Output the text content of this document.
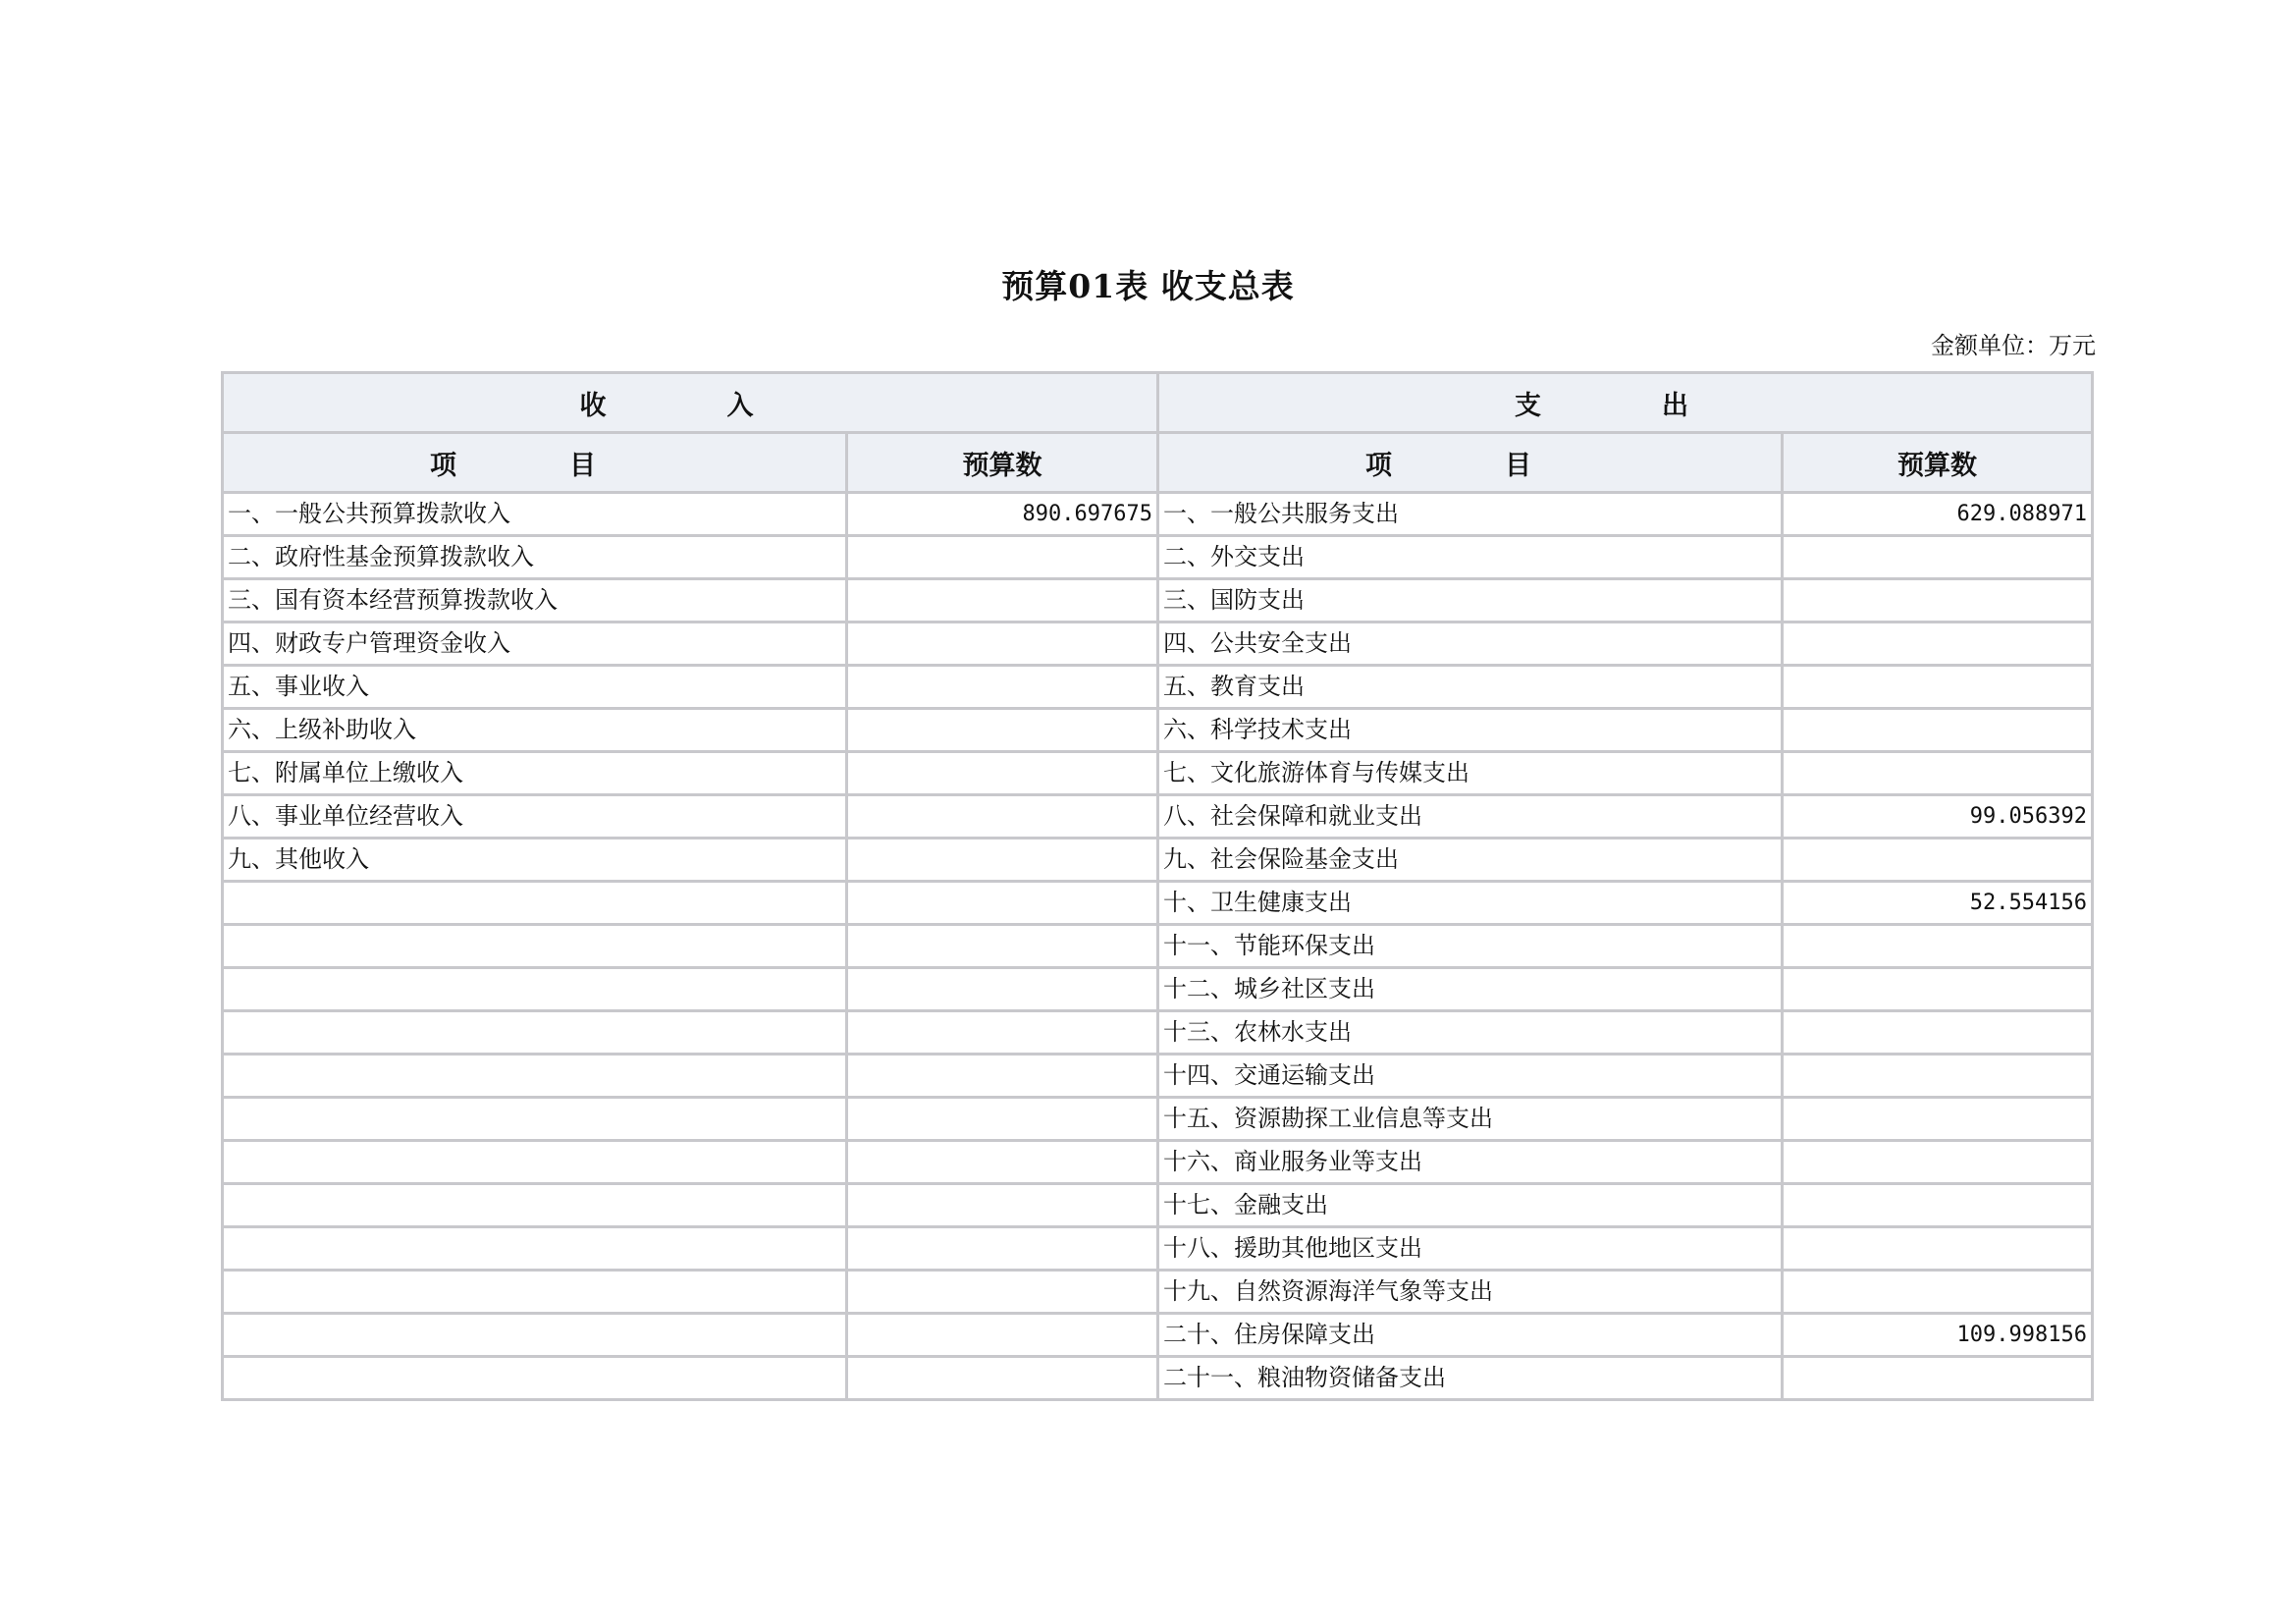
预算01表 收支总表
金额单位：万元
收　入		支　出	
项　目	预算数	项　目	预算数
一、一般公共预算拨款收入	890.697675	一、一般公共服务支出	629.088971
二、政府性基金预算拨款收入		二、外交支出	
三、国有资本经营预算拨款收入		三、国防支出	
四、财政专户管理资金收入		四、公共安全支出	
五、事业收入		五、教育支出	
六、上级补助收入		六、科学技术支出	
七、附属单位上缴收入		七、文化旅游体育与传媒支出	
八、事业单位经营收入		八、社会保障和就业支出	99.056392
九、其他收入		九、社会保险基金支出	
		十、卫生健康支出	52.554156
		十一、节能环保支出	
		十二、城乡社区支出	
		十三、农林水支出	
		十四、交通运输支出	
		十五、资源勘探工业信息等支出	
		十六、商业服务业等支出	
		十七、金融支出	
		十八、援助其他地区支出	
		十九、自然资源海洋气象等支出	
		二十、住房保障支出	109.998156
		二十一、粮油物资储备支出	
